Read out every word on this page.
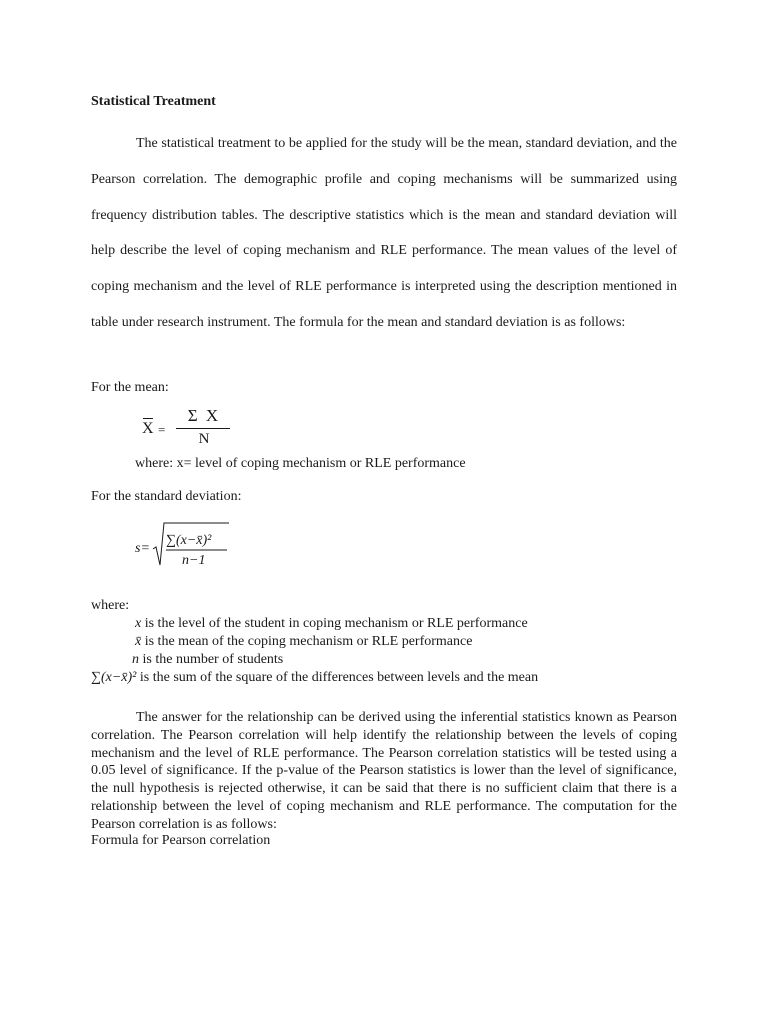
Statistical Treatment

The statistical treatment to be applied for the study will be the mean, standard deviation, and the Pearson correlation. The demographic profile and coping mechanisms will be summarized using frequency distribution tables. The descriptive statistics which is the mean and standard deviation will help describe the level of coping mechanism and RLE performance. The mean values of the level of coping mechanism and the level of RLE performance is interpreted using the description mentioned in table under research instrument. The formula for the mean and standard deviation is as follows:

For the mean:

X =
Σ X
N

where: x= level of coping mechanism or RLE performance

For the standard deviation:

s=
∑(x−x̄)²
n−1

where:

x is the level of the student in coping mechanism or RLE performance

x̄ is the mean of the coping mechanism or RLE performance

n is the number of students

∑(x−x̄)² is the sum of the square of the differences between levels and the mean

The answer for the relationship can be derived using the inferential statistics known as Pearson correlation. The Pearson correlation will help identify the relationship between the levels of coping mechanism and the level of RLE performance. The Pearson correlation statistics will be tested using a 0.05 level of significance. If the p-value of the Pearson statistics is lower than the level of significance, the null hypothesis is rejected otherwise, it can be said that there is no sufficient claim that there is a relationship between the level of coping mechanism and RLE performance. The computation for the Pearson correlation is as follows:

Formula for Pearson correlation
